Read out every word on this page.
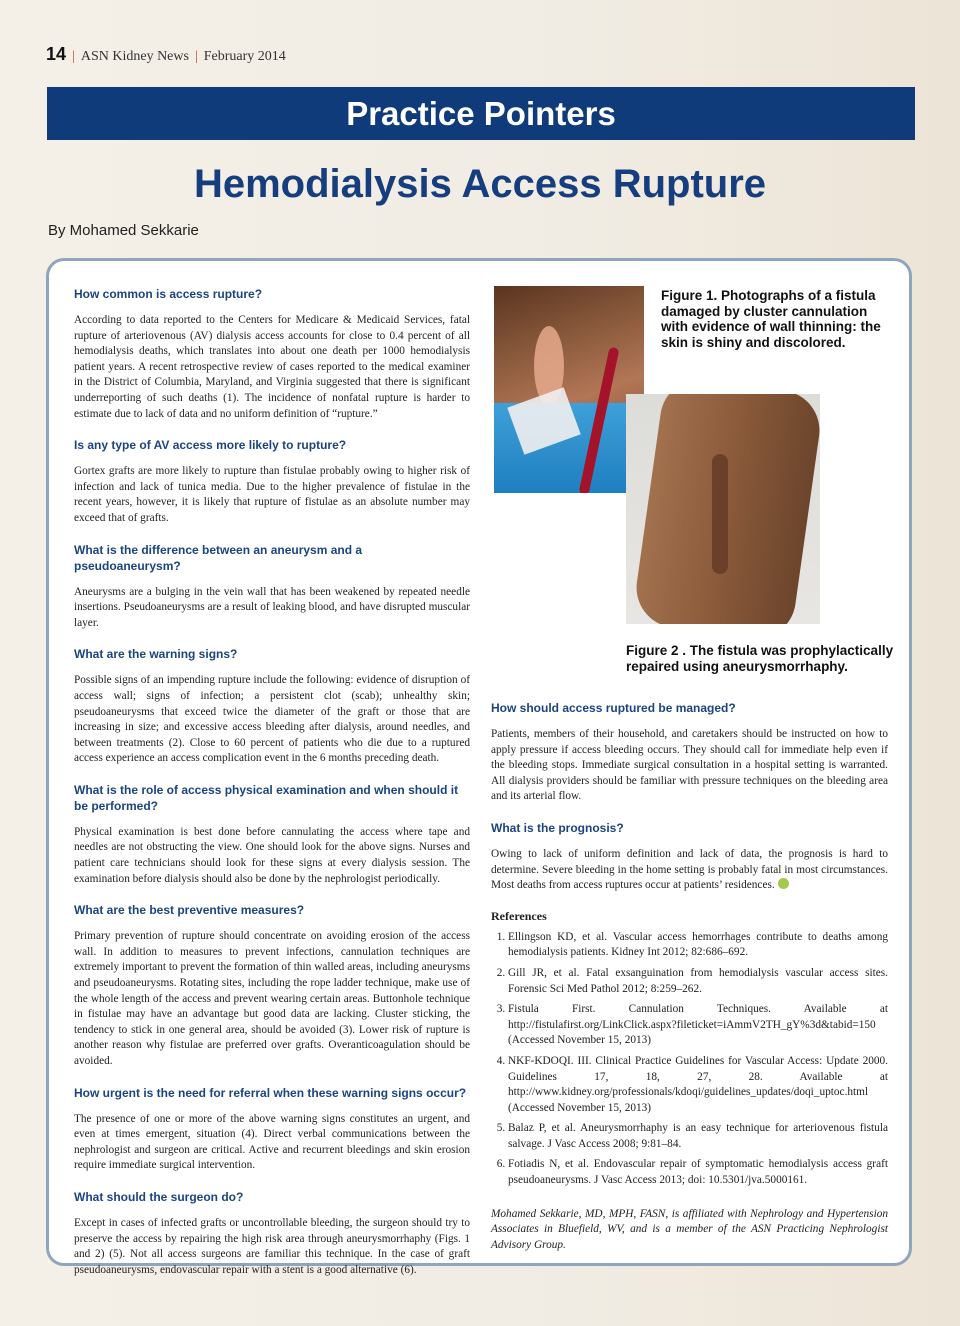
14 | ASN Kidney News | February 2014
Practice Pointers
Hemodialysis Access Rupture
By Mohamed Sekkarie
How common is access rupture?

According to data reported to the Centers for Medicare & Medicaid Services, fatal rupture of arteriovenous (AV) dialysis access accounts for close to 0.4 percent of all hemodialysis deaths, which translates into about one death per 1000 hemodialysis patient years. A recent retrospective review of cases reported to the medical examiner in the District of Columbia, Maryland, and Virginia suggested that there is significant underreporting of such deaths (1). The incidence of nonfatal rupture is harder to estimate due to lack of data and no uniform definition of “rupture.”

Is any type of AV access more likely to rupture?

Gortex grafts are more likely to rupture than fistulae probably owing to higher risk of infection and lack of tunica media. Due to the higher prevalence of fistulae in the recent years, however, it is likely that rupture of fistulae as an absolute number may exceed that of grafts.

What is the difference between an aneurysm and a pseudoaneurysm?

Aneurysms are a bulging in the vein wall that has been weakened by repeated needle insertions. Pseudoaneurysms are a result of leaking blood, and have disrupted muscular layer.

What are the warning signs?

Possible signs of an impending rupture include the following: evidence of disruption of access wall; signs of infection; a persistent clot (scab); unhealthy skin; pseudoaneurysms that exceed twice the diameter of the graft or those that are increasing in size; and excessive access bleeding after dialysis, around needles, and between treatments (2). Close to 60 percent of patients who die due to a ruptured access experience an access complication event in the 6 months preceding death.

What is the role of access physical examination and when should it be performed?

Physical examination is best done before cannulating the access where tape and needles are not obstructing the view. One should look for the above signs. Nurses and patient care technicians should look for these signs at every dialysis session. The examination before dialysis should also be done by the nephrologist periodically.

What are the best preventive measures?

Primary prevention of rupture should concentrate on avoiding erosion of the access wall. In addition to measures to prevent infections, cannulation techniques are extremely important to prevent the formation of thin walled areas, including aneurysms and pseudoaneurysms. Rotating sites, including the rope ladder technique, make use of the whole length of the access and prevent wearing certain areas. Buttonhole technique in fistulae may have an advantage but good data are lacking. Cluster sticking, the tendency to stick in one general area, should be avoided (3). Lower risk of rupture is another reason why fistulae are preferred over grafts. Overanticoagulation should be avoided.

How urgent is the need for referral when these warning signs occur?

The presence of one or more of the above warning signs constitutes an urgent, and even at times emergent, situation (4). Direct verbal communications between the nephrologist and surgeon are critical. Active and recurrent bleedings and skin erosion require immediate surgical intervention.

What should the surgeon do?

Except in cases of infected grafts or uncontrollable bleeding, the surgeon should try to preserve the access by repairing the high risk area through aneurysmorrhaphy (Figs. 1 and 2) (5). Not all access surgeons are familiar this technique. In the case of graft pseudoaneurysms, endovascular repair with a stent is a good alternative (6).

Figure 1. Photographs of a fistula damaged by cluster cannulation with evidence of wall thinning: the skin is shiny and discolored.
Figure 2 . The fistula was prophylactically repaired using aneurysmorrhaphy.
How should access ruptured be managed?

Patients, members of their household, and caretakers should be instructed on how to apply pressure if access bleeding occurs. They should call for immediate help even if the bleeding stops. Immediate surgical consultation in a hospital setting is warranted. All dialysis providers should be familiar with pressure techniques on the bleeding area and its arterial flow.

What is the prognosis?

Owing to lack of uniform definition and lack of data, the prognosis is hard to determine. Severe bleeding in the home setting is probably fatal in most circumstances. Most deaths from access ruptures occur at patients’ residences.

References
1. Ellingson KD, et al. Vascular access hemorrhages contribute to deaths among hemodialysis patients. Kidney Int 2012; 82:686–692.
2. Gill JR, et al. Fatal exsanguination from hemodialysis vascular access sites. Forensic Sci Med Pathol 2012; 8:259–262.
3. Fistula First. Cannulation Techniques. Available at http://fistulafirst.org/LinkClick.aspx?fileticket=iAmmV2TH_gY%3d&tabid=150 (Accessed November 15, 2013)
4. NKF-KDOQI. III. Clinical Practice Guidelines for Vascular Access: Update 2000. Guidelines 17, 18, 27, 28. Available at http://www.kidney.org/professionals/kdoqi/guidelines_updates/doqi_uptoc.html (Accessed November 15, 2013)
5. Balaz P, et al. Aneurysmorrhaphy is an easy technique for arteriovenous fistula salvage. J Vasc Access 2008; 9:81–84.
6. Fotiadis N, et al. Endovascular repair of symptomatic hemodialysis access graft pseudoaneurysms. J Vasc Access 2013; doi: 10.5301/jva.5000161.
Mohamed Sekkarie, MD, MPH, FASN, is affiliated with Nephrology and Hypertension Associates in Bluefield, WV, and is a member of the ASN Practicing Nephrologist Advisory Group.
